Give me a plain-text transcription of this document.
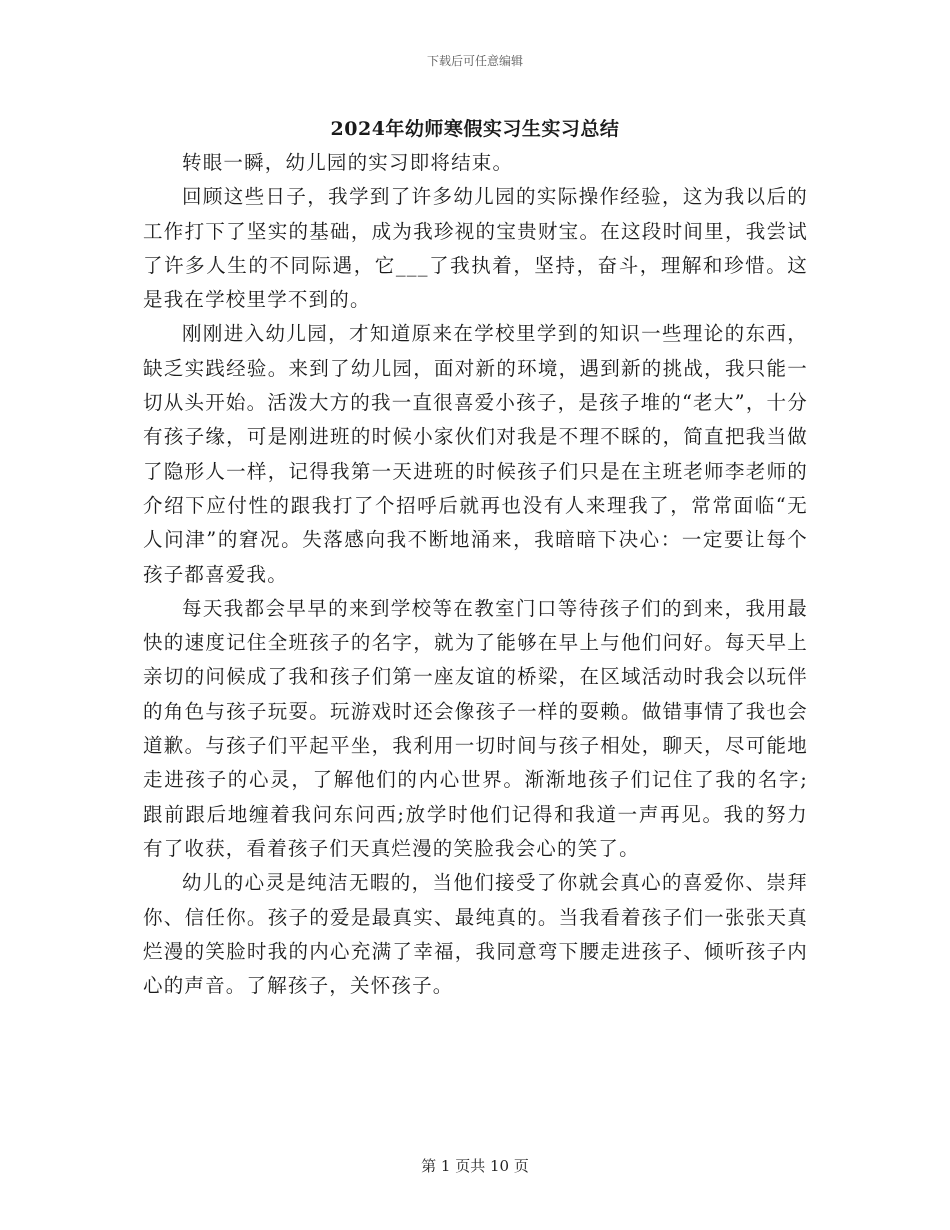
下载后可任意编辑
2024年幼师寒假实习生实习总结

转眼一瞬，幼儿园的实习即将结束。

回顾这些日子，我学到了许多幼儿园的实际操作经验，这为我以后的工作打下了坚实的基础，成为我珍视的宝贵财宝。在这段时间里，我尝试了许多人生的不同际遇，它___了我执着，坚持，奋斗，理解和珍惜。这是我在学校里学不到的。

刚刚进入幼儿园，才知道原来在学校里学到的知识一些理论的东西，缺乏实践经验。来到了幼儿园，面对新的环境，遇到新的挑战，我只能一切从头开始。活泼大方的我一直很喜爱小孩子，是孩子堆的“老大”，十分有孩子缘，可是刚进班的时候小家伙们对我是不理不睬的，简直把我当做了隐形人一样，记得我第一天进班的时候孩子们只是在主班老师李老师的介绍下应付性的跟我打了个招呼后就再也没有人来理我了，常常面临“无人问津”的窘况。失落感向我不断地涌来，我暗暗下决心：一定要让每个孩子都喜爱我。

每天我都会早早的来到学校等在教室门口等待孩子们的到来，我用最快的速度记住全班孩子的名字，就为了能够在早上与他们问好。每天早上亲切的问候成了我和孩子们第一座友谊的桥梁，在区域活动时我会以玩伴的角色与孩子玩耍。玩游戏时还会像孩子一样的耍赖。做错事情了我也会道歉。与孩子们平起平坐，我利用一切时间与孩子相处，聊天，尽可能地走进孩子的心灵，了解他们的内心世界。渐渐地孩子们记住了我的名字;跟前跟后地缠着我问东问西;放学时他们记得和我道一声再见。我的努力有了收获，看着孩子们天真烂漫的笑脸我会心的笑了。

幼儿的心灵是纯洁无暇的，当他们接受了你就会真心的喜爱你、崇拜你、信任你。孩子的爱是最真实、最纯真的。当我看着孩子们一张张天真烂漫的笑脸时我的内心充满了幸福，我同意弯下腰走进孩子、倾听孩子内心的声音。了解孩子，关怀孩子。

第 1 页共 10 页
